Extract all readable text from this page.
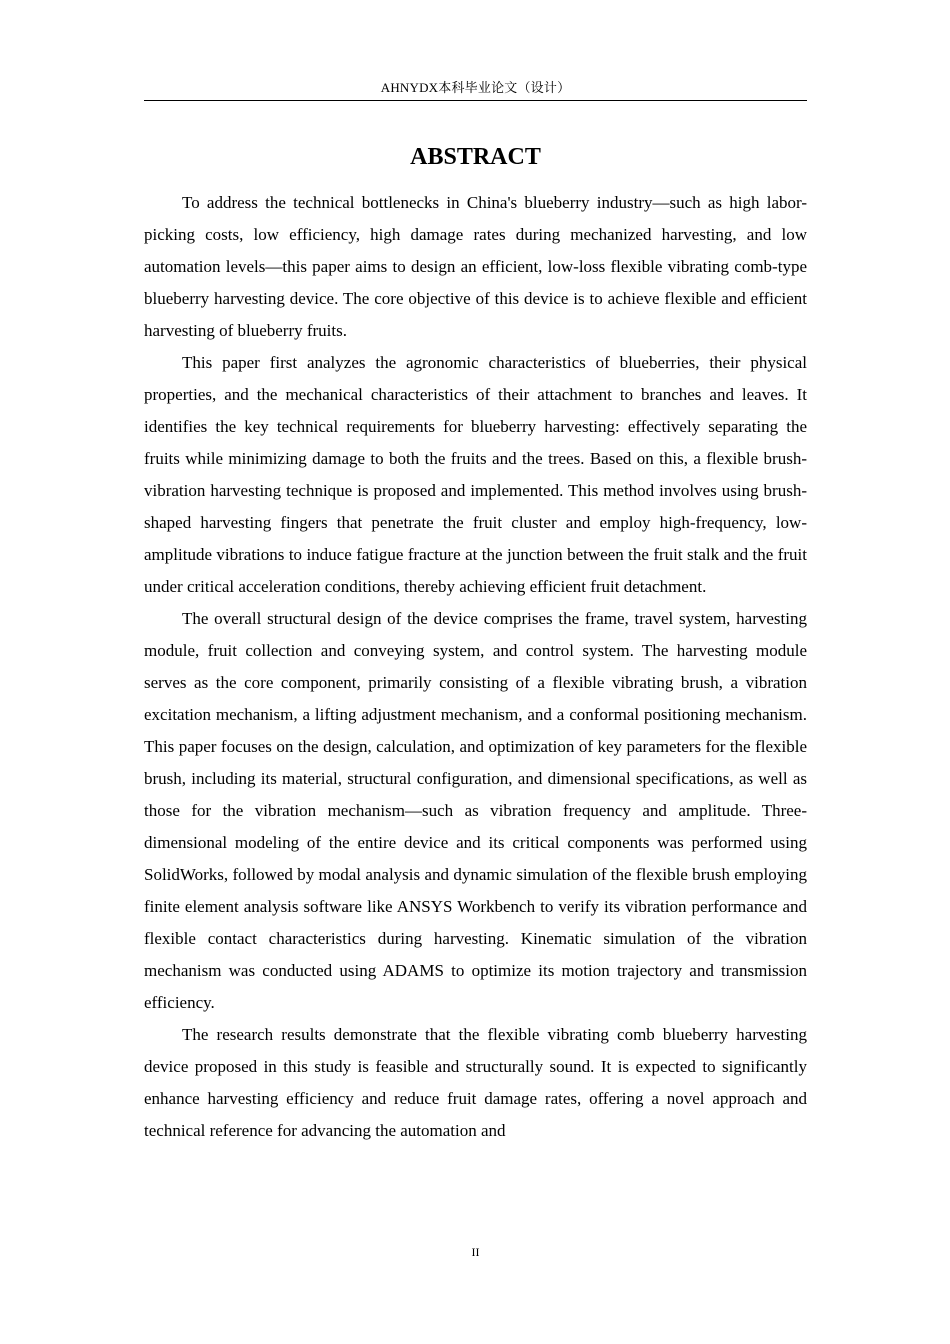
AHNYDX本科毕业论文（设计）
ABSTRACT

To address the technical bottlenecks in China's blueberry industry—such as high labor-picking costs, low efficiency, high damage rates during mechanized harvesting, and low automation levels—this paper aims to design an efficient, low-loss flexible vibrating comb-type blueberry harvesting device. The core objective of this device is to achieve flexible and efficient harvesting of blueberry fruits.

This paper first analyzes the agronomic characteristics of blueberries, their physical properties, and the mechanical characteristics of their attachment to branches and leaves. It identifies the key technical requirements for blueberry harvesting: effectively separating the fruits while minimizing damage to both the fruits and the trees. Based on this, a flexible brush-vibration harvesting technique is proposed and implemented. This method involves using brush-shaped harvesting fingers that penetrate the fruit cluster and employ high-frequency, low-amplitude vibrations to induce fatigue fracture at the junction between the fruit stalk and the fruit under critical acceleration conditions, thereby achieving efficient fruit detachment.

The overall structural design of the device comprises the frame, travel system, harvesting module, fruit collection and conveying system, and control system. The harvesting module serves as the core component, primarily consisting of a flexible vibrating brush, a vibration excitation mechanism, a lifting adjustment mechanism, and a conformal positioning mechanism. This paper focuses on the design, calculation, and optimization of key parameters for the flexible brush, including its material, structural configuration, and dimensional specifications, as well as those for the vibration mechanism—such as vibration frequency and amplitude. Three-dimensional modeling of the entire device and its critical components was performed using SolidWorks, followed by modal analysis and dynamic simulation of the flexible brush employing finite element analysis software like ANSYS Workbench to verify its vibration performance and flexible contact characteristics during harvesting. Kinematic simulation of the vibration mechanism was conducted using ADAMS to optimize its motion trajectory and transmission efficiency.

The research results demonstrate that the flexible vibrating comb blueberry harvesting device proposed in this study is feasible and structurally sound. It is expected to significantly enhance harvesting efficiency and reduce fruit damage rates, offering a novel approach and technical reference for advancing the automation and

II
